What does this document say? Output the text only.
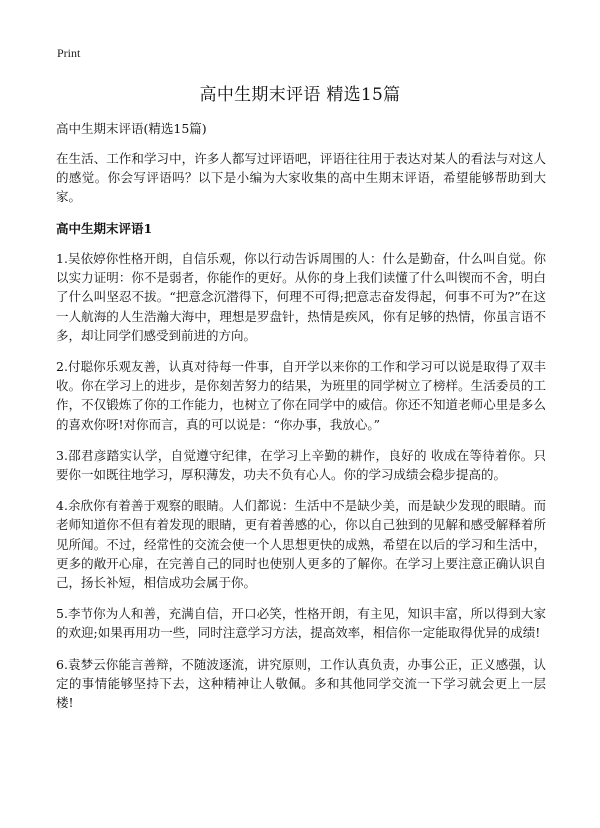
Print
高中生期末评语 精选15篇

高中生期末评语(精选15篇)

在生活、工作和学习中，许多人都写过评语吧，评语往往用于表达对某人的看法与对这人的感觉。你会写评语吗？以下是小编为大家收集的高中生期末评语，希望能够帮助到大家。

高中生期末评语1

1.吴依婷你性格开朗，自信乐观，你以行动告诉周围的人：什么是勤奋，什么叫自觉。你以实力证明：你不是弱者，你能作的更好。从你的身上我们读懂了什么叫锲而不舍，明白了什么叫坚忍不拔。“把意念沉潜得下，何理不可得;把意志奋发得起，何事不可为?”在这一人航海的人生浩瀚大海中，理想是罗盘针，热情是疾风，你有足够的热情，你虽言语不多，却让同学们感受到前进的方向。

2.付聪你乐观友善，认真对待每一件事，自开学以来你的工作和学习可以说是取得了双丰收。你在学习上的进步，是你刻苦努力的结果，为班里的同学树立了榜样。生活委员的工作，不仅锻炼了你的工作能力，也树立了你在同学中的威信。你还不知道老师心里是多么的喜欢你呀!对你而言，真的可以说是：“你办事，我放心。”

3.邵君彦踏实认学，自觉遵守纪律，在学习上辛勤的耕作，良好的 收成在等待着你。只要你一如既往地学习，厚积薄发，功夫不负有心人。你的学习成绩会稳步提高的。

4.余欣你有着善于观察的眼睛。人们都说：生活中不是缺少美，而是缺少发现的眼睛。而老师知道你不但有着发现的眼睛，更有着善感的心，你以自己独到的见解和感受解释着所见所闻。不过，经常性的交流会使一个人思想更快的成熟，希望在以后的学习和生活中，更多的敞开心扉，在完善自己的同时也使别人更多的了解你。在学习上要注意正确认识自己，扬长补短，相信成功会属于你。

5.李节你为人和善，充满自信，开口必笑，性格开朗，有主见，知识丰富，所以得到大家的欢迎;如果再用功一些，同时注意学习方法，提高效率，相信你一定能取得优异的成绩!

6.袁梦云你能言善辩，不随波逐流，讲究原则，工作认真负责，办事公正，正义感强，认定的事情能够坚持下去，这种精神让人敬佩。多和其他同学交流一下学习就会更上一层楼!
